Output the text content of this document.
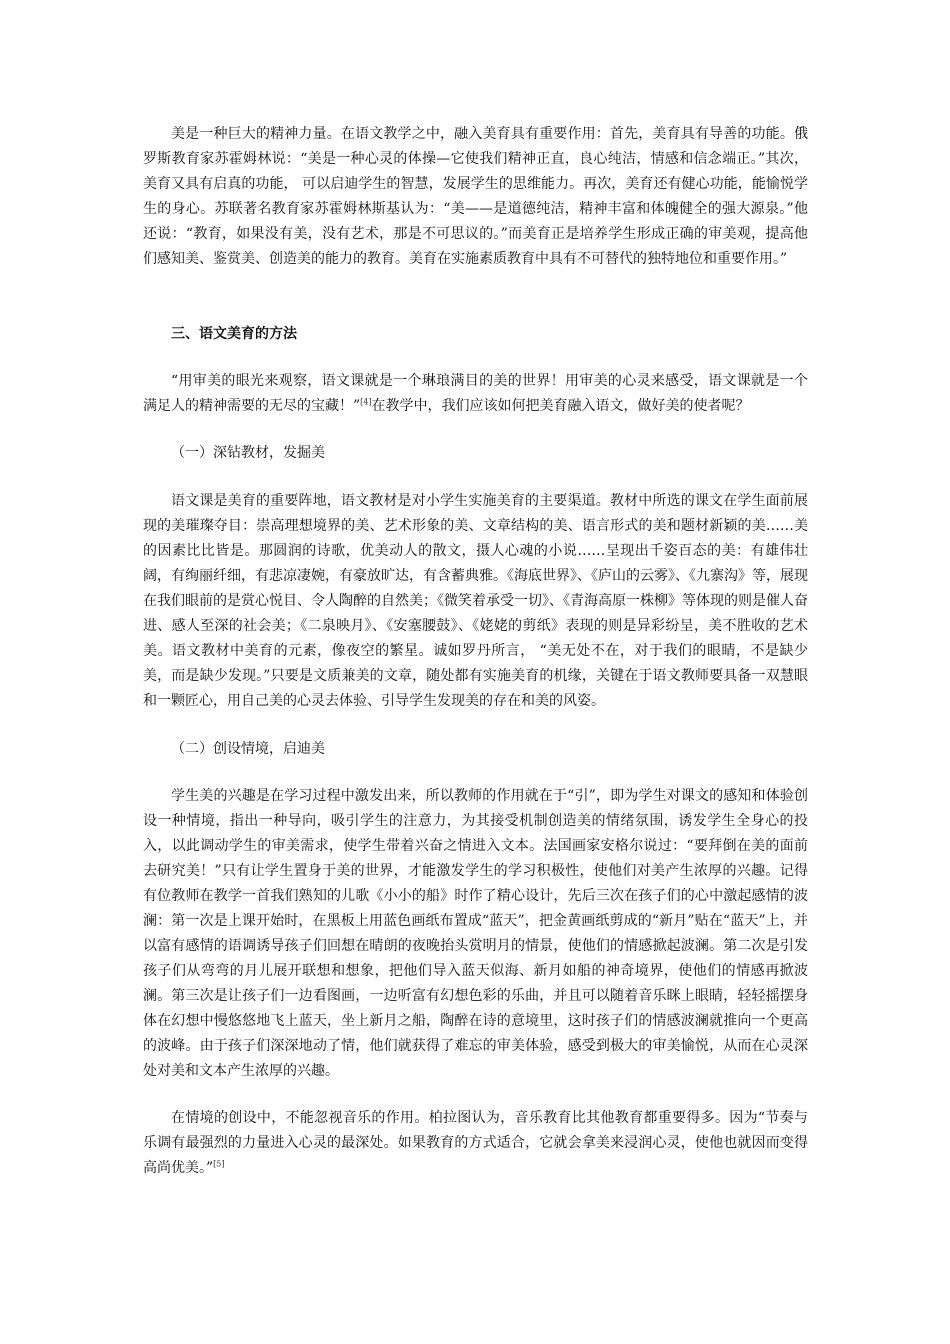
美是一种巨大的精神力量。在语文教学之中，融入美育具有重要作用：首先，美育具有导善的功能。俄罗斯教育家苏霍姆林说：“美是一种心灵的体操—它使我们精神正直，良心纯洁，情感和信念端正。”其次，美育又具有启真的功能， 可以启迪学生的智慧，发展学生的思维能力。再次，美育还有健心功能，能愉悦学生的身心。苏联著名教育家苏霍姆林斯基认为：“美——是道德纯洁，精神丰富和体魄健全的强大源泉。”他还说：“教育，如果没有美，没有艺术，那是不可思议的。”而美育正是培养学生形成正确的审美观，提高他们感知美、鉴赏美、创造美的能力的教育。美育在实施素质教育中具有不可替代的独特地位和重要作用。”

三、语文美育的方法

“用审美的眼光来观察，语文课就是一个琳琅满目的美的世界！用审美的心灵来感受，语文课就是一个满足人的精神需要的无尽的宝藏！”[4]在教学中，我们应该如何把美育融入语文，做好美的使者呢？

（一）深钻教材，发掘美

语文课是美育的重要阵地，语文教材是对小学生实施美育的主要渠道。教材中所选的课文在学生面前展现的美璀璨夺目：崇高理想境界的美、艺术形象的美、文章结构的美、语言形式的美和题材新颖的美……美的因素比比皆是。那圆润的诗歌，优美动人的散文，摄人心魂的小说……呈现出千姿百态的美：有雄伟壮阔，有绚丽纤细，有悲凉凄婉，有豪放旷达，有含蓄典雅。《海底世界》、《庐山的云雾》、《九寨沟》等，展现在我们眼前的是赏心悦目、令人陶醉的自然美；《微笑着承受一切》、《青海高原一株柳》等体现的则是催人奋进、感人至深的社会美；《二泉映月》、《安塞腰鼓》、《姥姥的剪纸》表现的则是异彩纷呈，美不胜收的艺术美。语文教材中美育的元素，像夜空的繁星。诚如罗丹所言， “美无处不在，对于我们的眼睛，不是缺少美，而是缺少发现。”只要是文质兼美的文章，随处都有实施美育的机缘，关键在于语文教师要具备一双慧眼和一颗匠心，用自己美的心灵去体验、引导学生发现美的存在和美的风姿。

（二）创设情境，启迪美

学生美的兴趣是在学习过程中激发出来，所以教师的作用就在于“引”，即为学生对课文的感知和体验创设一种情境，指出一种导向，吸引学生的注意力，为其接受机制创造美的情绪氛围，诱发学生全身心的投入，以此调动学生的审美需求，使学生带着兴奋之情进入文本。法国画家安格尔说过：“要拜倒在美的面前去研究美！”只有让学生置身于美的世界，才能激发学生的学习积极性，使他们对美产生浓厚的兴趣。记得有位教师在教学一首我们熟知的儿歌《小小的船》时作了精心设计，先后三次在孩子们的心中激起感情的波澜：第一次是上课开始时，在黑板上用蓝色画纸布置成“蓝天”，把金黄画纸剪成的“新月”贴在“蓝天”上，并以富有感情的语调诱导孩子们回想在晴朗的夜晚抬头赏明月的情景，使他们的情感掀起波澜。第二次是引发孩子们从弯弯的月儿展开联想和想象，把他们导入蓝天似海、新月如船的神奇境界，使他们的情感再掀波澜。第三次是让孩子们一边看图画，一边听富有幻想色彩的乐曲，并且可以随着音乐眯上眼睛，轻轻摇摆身体在幻想中慢悠悠地飞上蓝天，坐上新月之船，陶醉在诗的意境里，这时孩子们的情感波澜就推向一个更高的波峰。由于孩子们深深地动了情，他们就获得了难忘的审美体验，感受到极大的审美愉悦，从而在心灵深处对美和文本产生浓厚的兴趣。

在情境的创设中，不能忽视音乐的作用。柏拉图认为，音乐教育比其他教育都重要得多。因为“节奏与乐调有最强烈的力量进入心灵的最深处。如果教育的方式适合，它就会拿美来浸润心灵，使他也就因而变得高尚优美。”[5]
